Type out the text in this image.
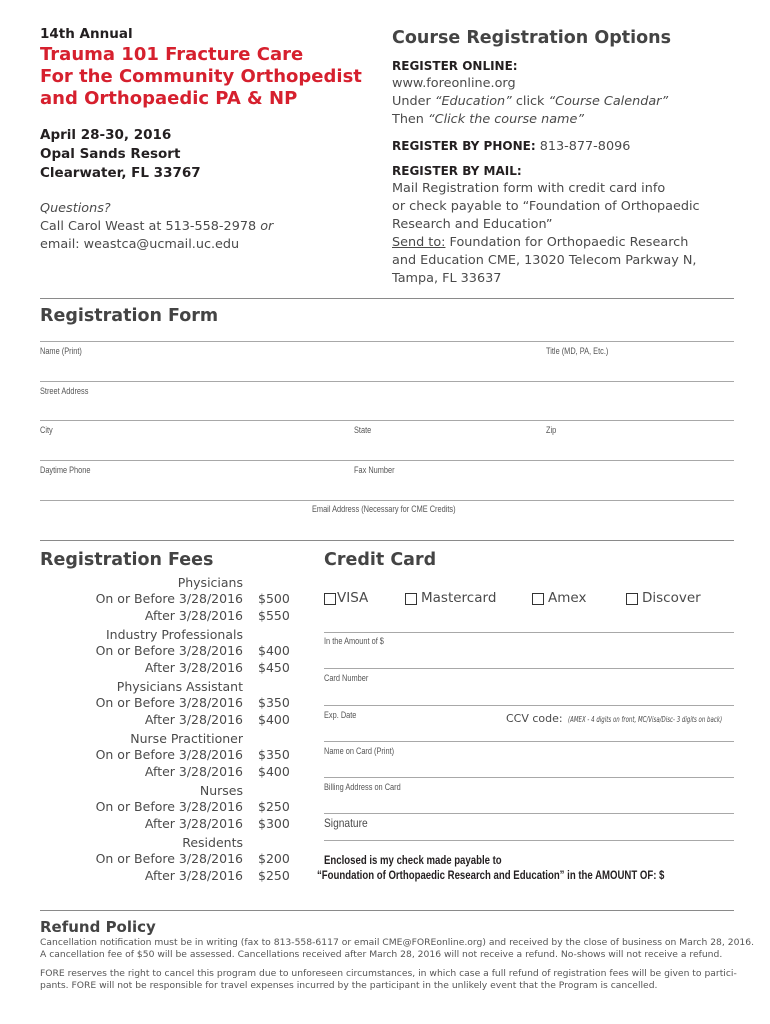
14th Annual
Trauma 101 Fracture Care
For the Community Orthopedist
and Orthopaedic PA & NP
April 28-30, 2016
Opal Sands Resort
Clearwater, FL 33767
Questions?
Call Carol Weast at 513-558-2978 or
email: weastca@ucmail.uc.edu
Course Registration Options
REGISTER ONLINE:
www.foreonline.org
Under “Education” click “Course Calendar”
Then “Click the course name”
REGISTER BY PHONE: 813-877-8096
REGISTER BY MAIL:
Mail Registration form with credit card info
or check payable to “Foundation of Orthopaedic
Research and Education”
Send to: Foundation for Orthopaedic Research
and Education CME, 13020 Telecom Parkway N,
Tampa, FL 33637
Registration Form
Name (Print)	Title (MD, PA, Etc.)
Street Address
City	State	Zip
Daytime Phone	Fax Number
Email Address (Necessary for CME Credits)
Registration Fees
Physicians
On or Before 3/28/2016 $500
After 3/28/2016 $550
Industry Professionals
On or Before 3/28/2016 $400
After 3/28/2016 $450
Physicians Assistant
On or Before 3/28/2016 $350
After 3/28/2016 $400
Nurse Practitioner
On or Before 3/28/2016 $350
After 3/28/2016 $400
Nurses
On or Before 3/28/2016 $250
After 3/28/2016 $300
Residents
On or Before 3/28/2016 $200
After 3/28/2016 $250
Credit Card
VISA	Mastercard	Amex	Discover
In the Amount of $
Card Number
Exp. Date	CCV code: (AMEX - 4 digits on front, MC/Visa/Disc- 3 digits on back)
Name on Card (Print)
Billing Address on Card
Signature
Enclosed is my check made payable to
“Foundation of Orthopaedic Research and Education” in the AMOUNT OF: $
Refund Policy
Cancellation notification must be in writing (fax to 813-558-6117 or email CME@FOREonline.org) and received by the close of business on March 28, 2016.
A cancellation fee of $50 will be assessed. Cancellations received after March 28, 2016 will not receive a refund. No-shows will not receive a refund.
FORE reserves the right to cancel this program due to unforeseen circumstances, in which case a full refund of registration fees will be given to partici-
pants. FORE will not be responsible for travel expenses incurred by the participant in the unlikely event that the Program is cancelled.
